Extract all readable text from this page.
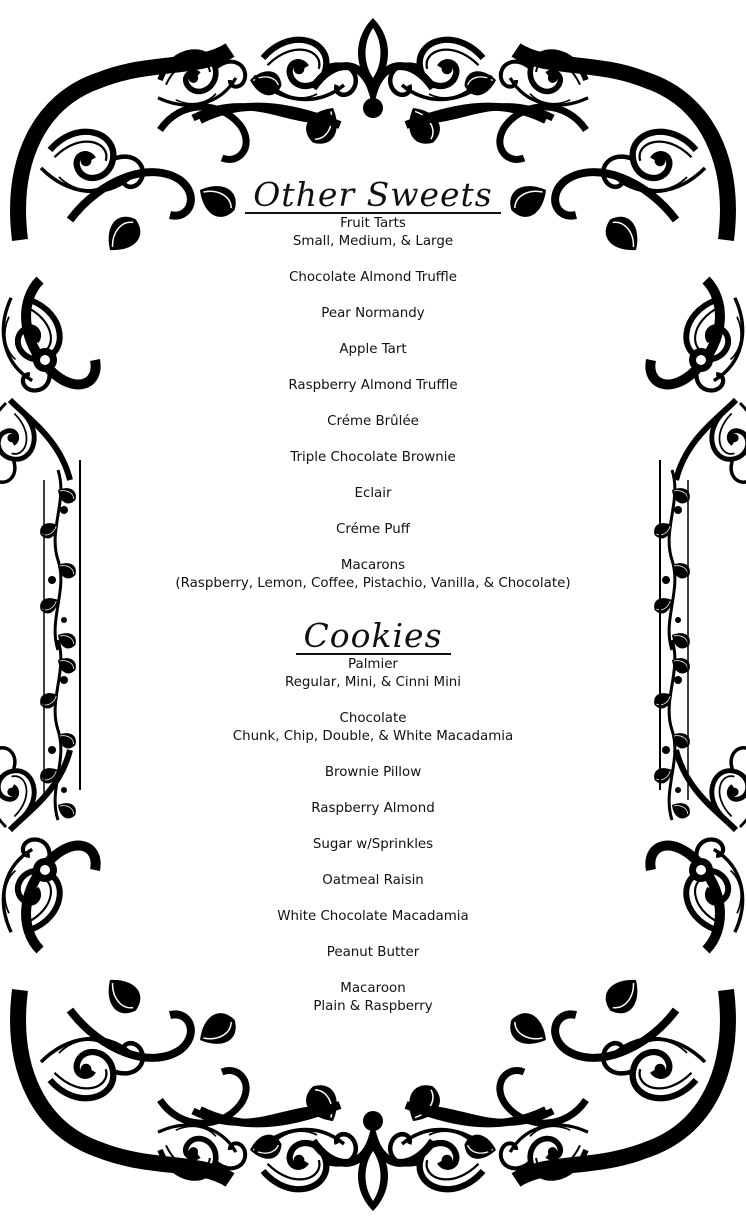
Other Sweets
Fruit Tarts
Small, Medium, & Large
Chocolate Almond Truffle
Pear Normandy
Apple Tart
Raspberry Almond Truffle
Créme Brûlée
Triple Chocolate Brownie
Eclair
Créme Puff
Macarons
(Raspberry, Lemon, Coffee, Pistachio, Vanilla, & Chocolate)
Cookies
Palmier
Regular, Mini, & Cinni Mini
Chocolate
Chunk, Chip, Double, & White Macadamia
Brownie Pillow
Raspberry Almond
Sugar w/Sprinkles
Oatmeal Raisin
White Chocolate Macadamia
Peanut Butter
Macaroon
Plain & Raspberry
